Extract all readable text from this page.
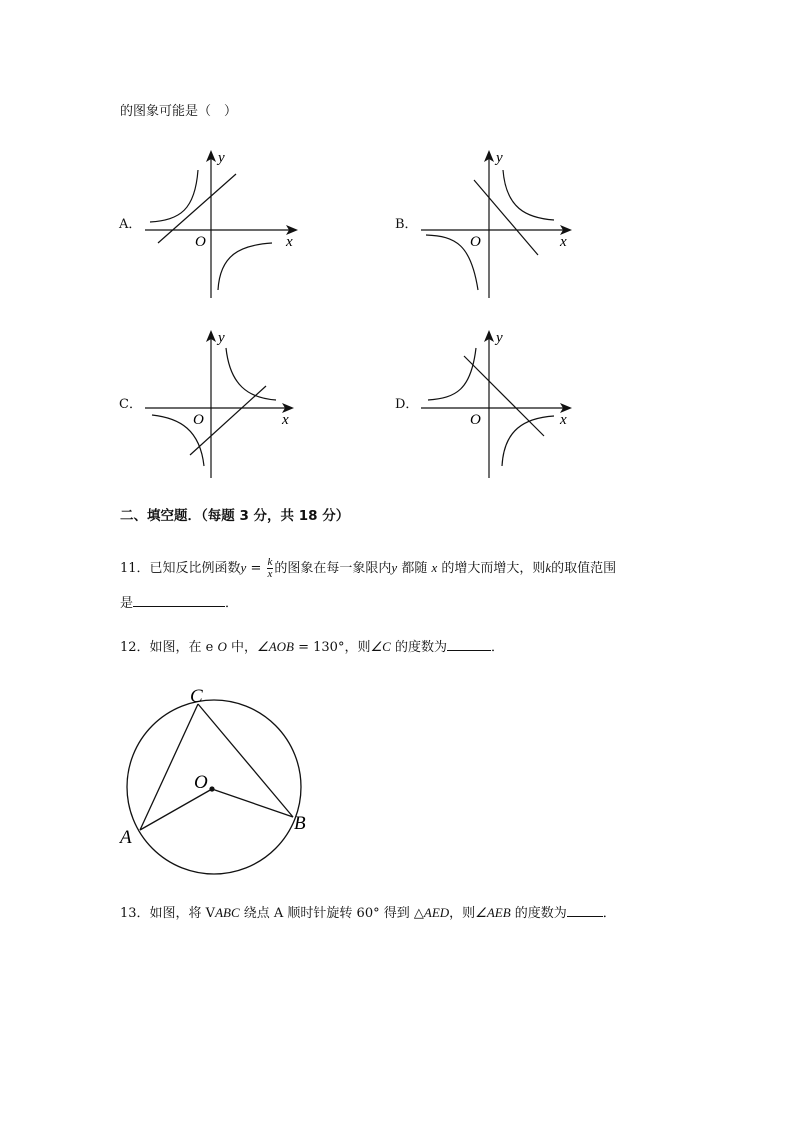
的图象可能是（　）
A．
y
x
O
B．
y
x
O
C．
y
x
O
D．
y
x
O
二、填空题．（每题 3 分，共 18 分）
11．已知反比例函数$y = \frac{k}{x}$ 的图象在每一象限内y 都随 x 的增大而增大，则k的取值范围
是	．
12．如图，在 e O 中，∠AOB = 130°，则∠C 的度数为	．
C
O
A
B
13．如图，将 VABC 绕点 A 顺时针旋转 60° 得到 △AED，则∠AEB 的度数为	．
